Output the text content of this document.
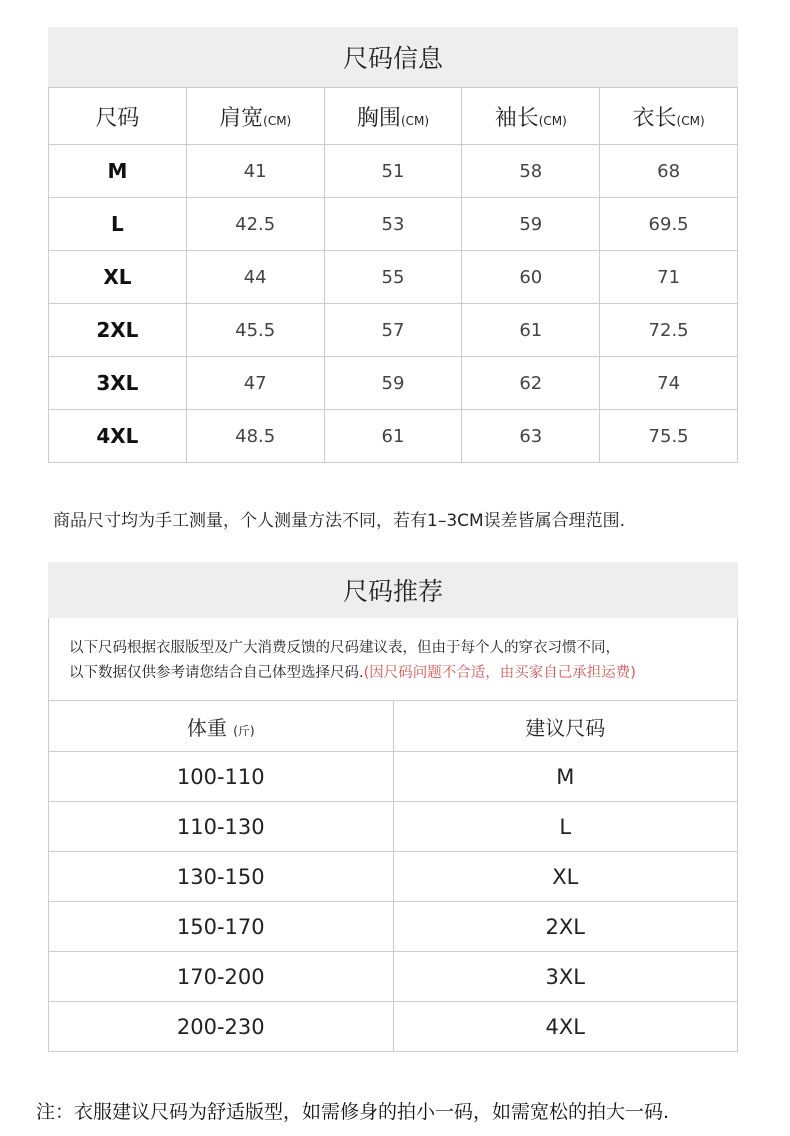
尺码信息
尺码	肩宽(CM)	胸围(CM)	袖长(CM)	衣长(CM)
M	41	51	58	68
L	42.5	53	59	69.5
XL	44	55	60	71
2XL	45.5	57	61	72.5
3XL	47	59	62	74
4XL	48.5	61	63	75.5
商品尺寸均为手工测量，个人测量方法不同，若有1–3CM误差皆属合理范围.
尺码推荐
以下尺码根据衣服版型及广大消费反馈的尺码建议表，但由于每个人的穿衣习惯不同，
以下数据仅供参考请您结合自己体型选择尺码.(因尺码问题不合适，由买家自己承担运费)
体重 (斤)	建议尺码
100-110	M
110-130	L
130-150	XL
150-170	2XL
170-200	3XL
200-230	4XL
注：衣服建议尺码为舒适版型，如需修身的拍小一码，如需宽松的拍大一码.
